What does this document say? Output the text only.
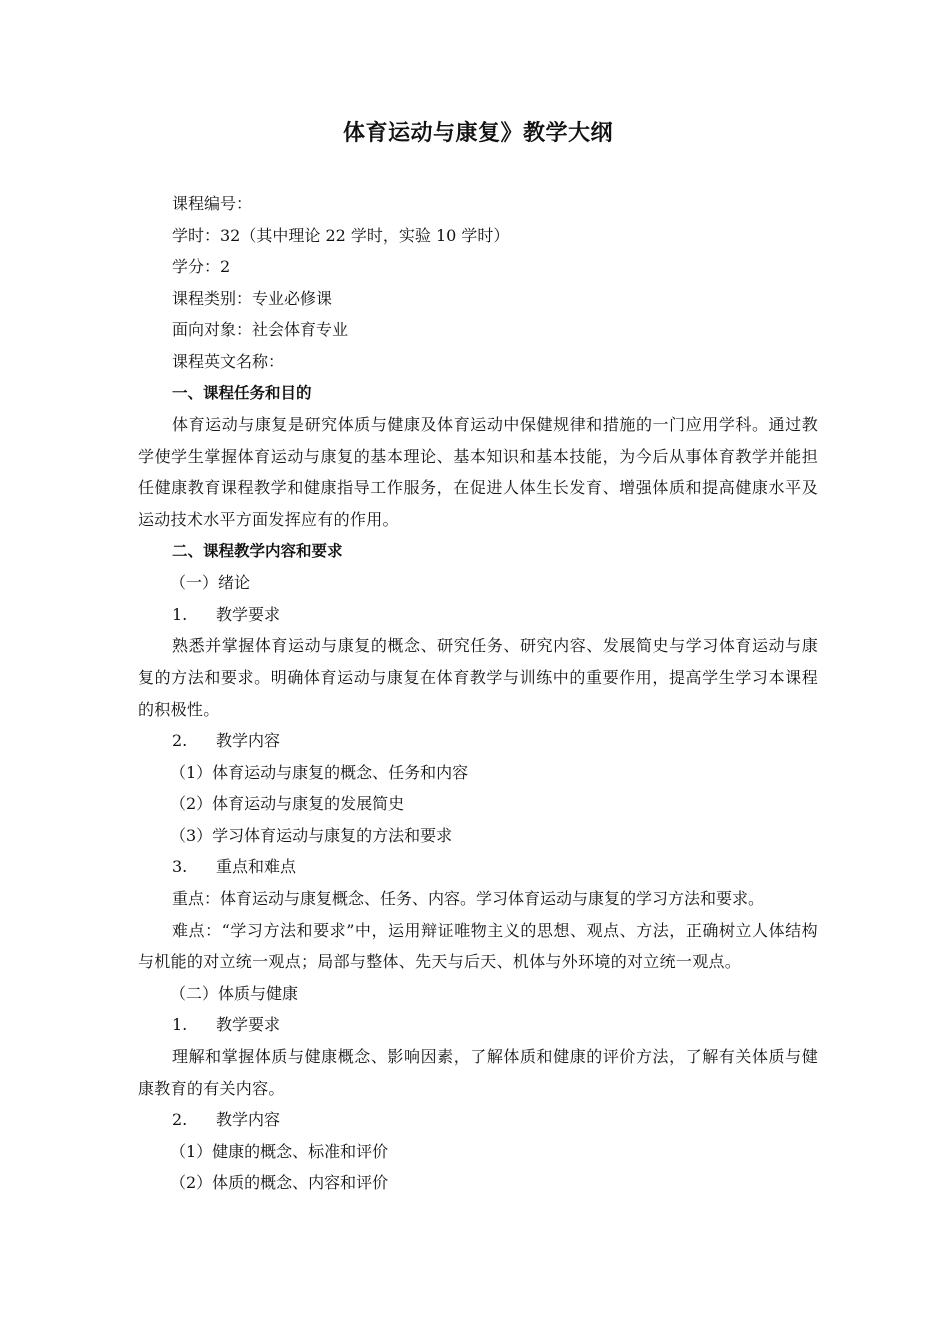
体育运动与康复》教学大纲

课程编号：

学时：32（其中理论 22 学时，实验 10 学时）

学分：2

课程类别：专业必修课

面向对象：社会体育专业

课程英文名称：

一、课程任务和目的

体育运动与康复是研究体质与健康及体育运动中保健规律和措施的一门应用学科。通过教学使学生掌握体育运动与康复的基本理论、基本知识和基本技能，为今后从事体育教学并能担任健康教育课程教学和健康指导工作服务，在促进人体生长发育、增强体质和提高健康水平及运动技术水平方面发挥应有的作用。

二、课程教学内容和要求

（一）绪论

1. 教学要求

熟悉并掌握体育运动与康复的概念、研究任务、研究内容、发展简史与学习体育运动与康复的方法和要求。明确体育运动与康复在体育教学与训练中的重要作用，提高学生学习本课程的积极性。

2. 教学内容

（1）体育运动与康复的概念、任务和内容

（2）体育运动与康复的发展简史

（3）学习体育运动与康复的方法和要求

3. 重点和难点

重点：体育运动与康复概念、任务、内容。学习体育运动与康复的学习方法和要求。

难点：“学习方法和要求”中，运用辩证唯物主义的思想、观点、方法，正确树立人体结构与机能的对立统一观点；局部与整体、先天与后天、机体与外环境的对立统一观点。

（二）体质与健康

1. 教学要求

理解和掌握体质与健康概念、影响因素，了解体质和健康的评价方法，了解有关体质与健康教育的有关内容。

2. 教学内容

（1）健康的概念、标准和评价

（2）体质的概念、内容和评价
